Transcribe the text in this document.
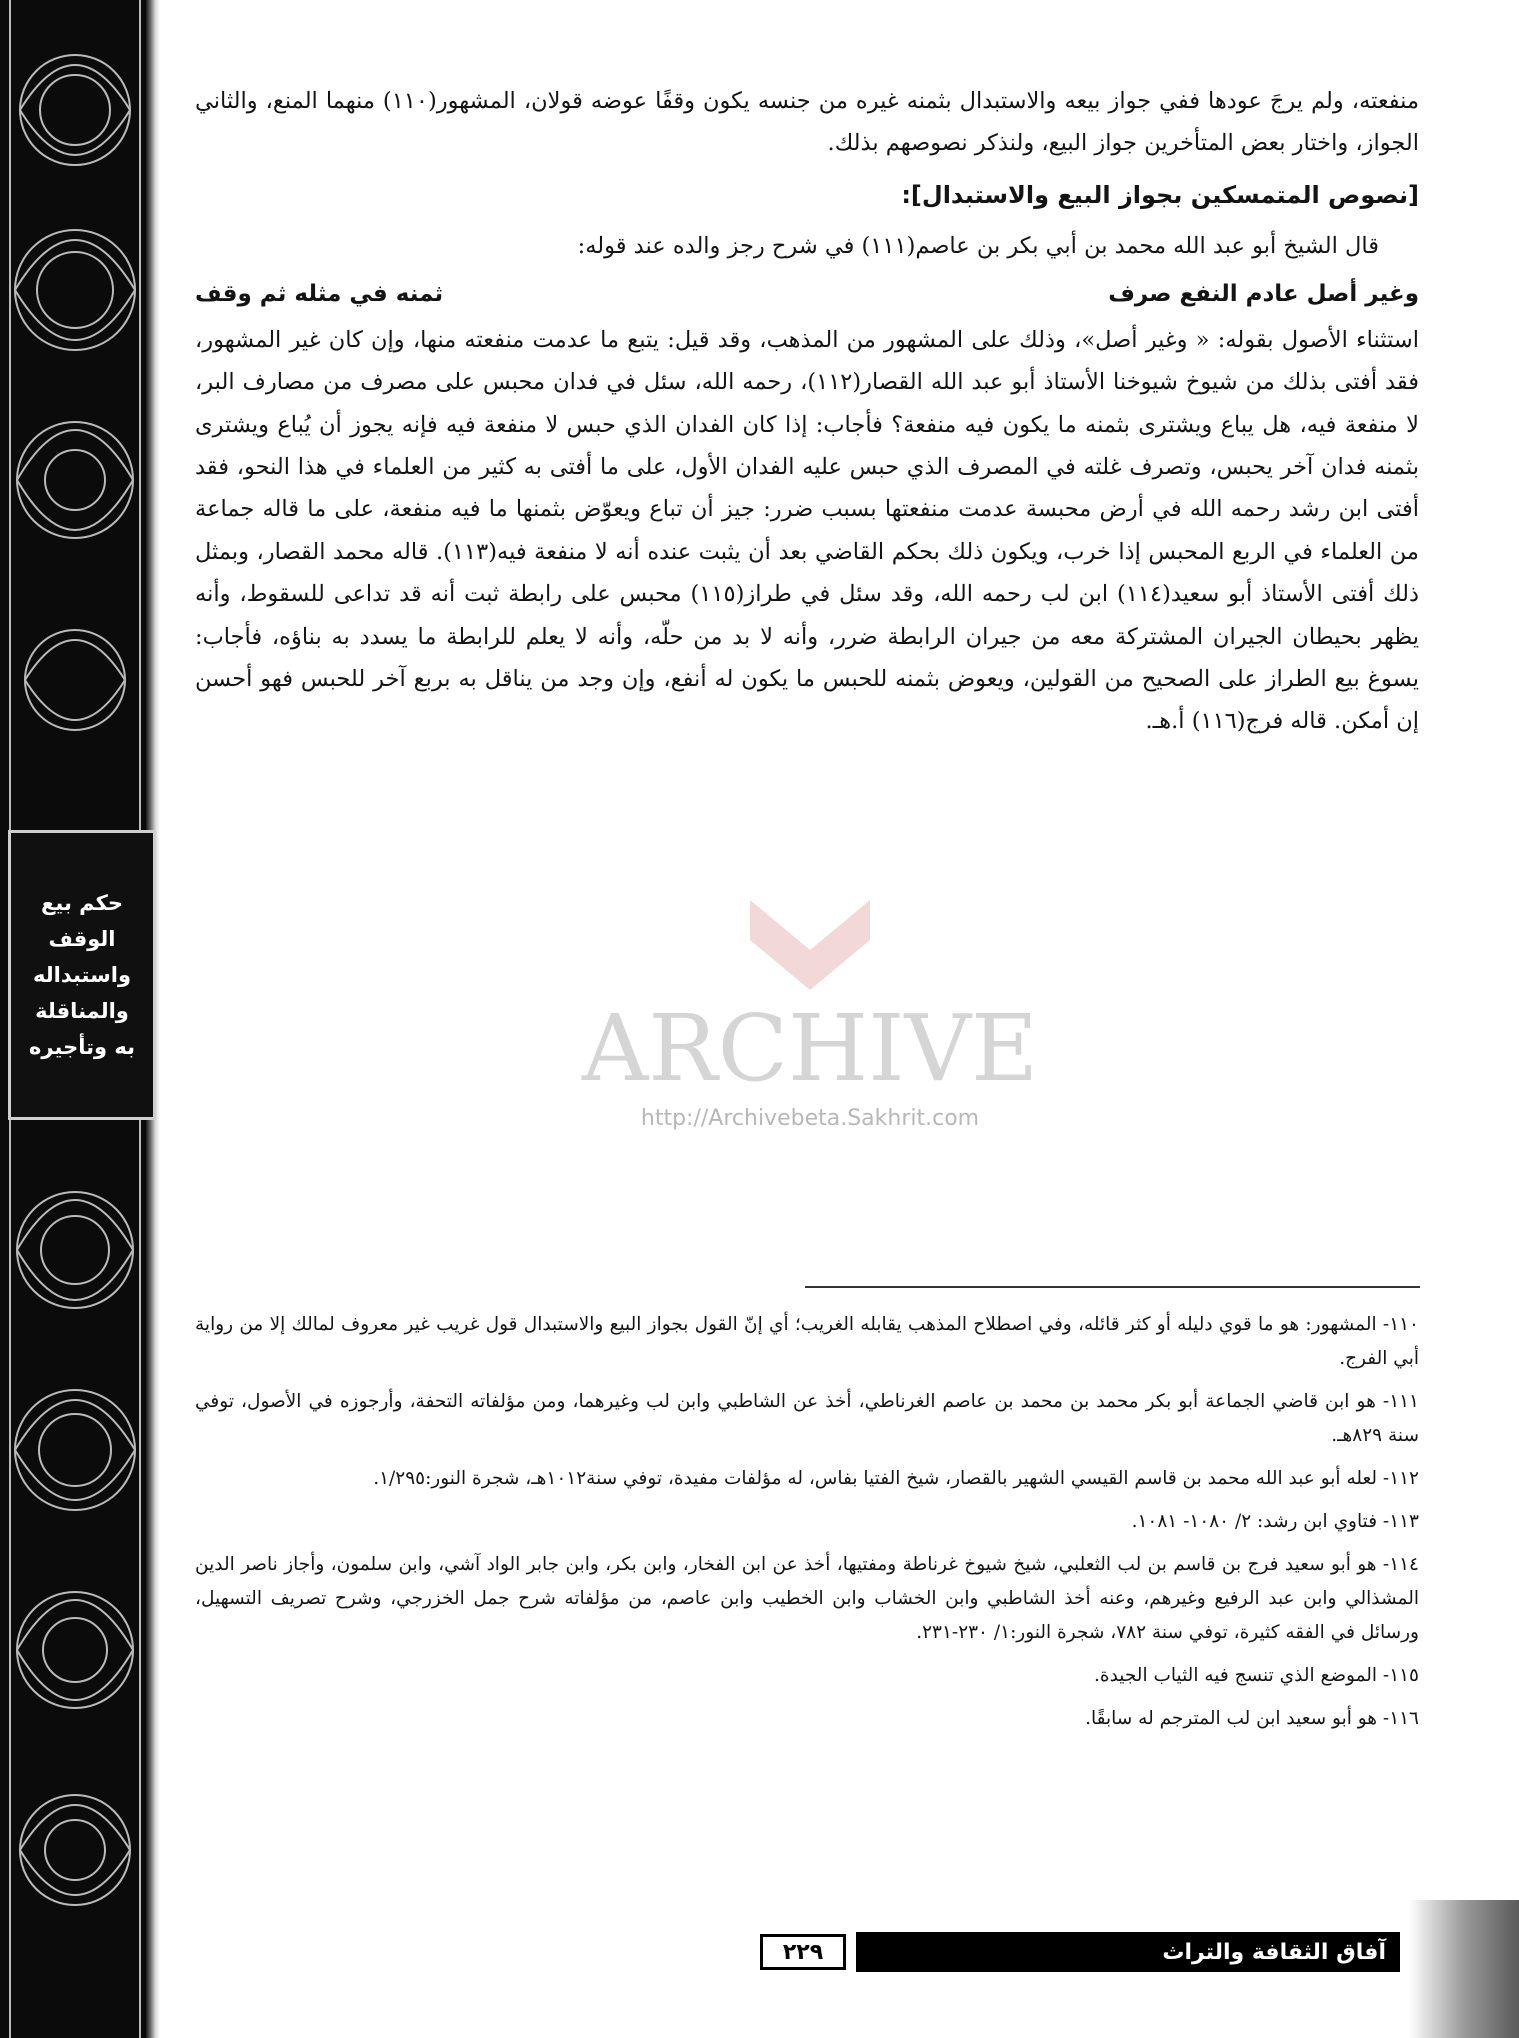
حكم بيع
الوقف
واستبداله
والمناقلة
به وتأجيره

منفعته، ولم يرجَ عودها ففي جواز بيعه والاستبدال بثمنه غيره من جنسه يكون وقفًا عوضه قولان، المشهور(١١٠) منهما المنع، والثاني الجواز، واختار بعض المتأخرين جواز البيع، ولنذكر نصوصهم بذلك.

[نصوص المتمسكين بجواز البيع والاستبدال]:

قال الشيخ أبو عبد الله محمد بن أبي بكر بن عاصم(١١١) في شرح رجز والده عند قوله:

وغير أصل عادم النفع صرف
ثمنه في مثله ثم وقف

استثناء الأصول بقوله: « وغير أصل»، وذلك على المشهور من المذهب، وقد قيل: يتبع ما عدمت منفعته منها، وإن كان غير المشهور، فقد أفتى بذلك من شيوخ شيوخنا الأستاذ أبو عبد الله القصار(١١٢)، رحمه الله، سئل في فدان محبس على مصرف من مصارف البر، لا منفعة فيه، هل يباع ويشترى بثمنه ما يكون فيه منفعة؟ فأجاب: إذا كان الفدان الذي حبس لا منفعة فيه فإنه يجوز أن يُباع ويشترى بثمنه فدان آخر يحبس، وتصرف غلته في المصرف الذي حبس عليه الفدان الأول، على ما أفتى به كثير من العلماء في هذا النحو، فقد أفتى ابن رشد رحمه الله في أرض محبسة عدمت منفعتها بسبب ضرر: جيز أن تباع ويعوّض بثمنها ما فيه منفعة، على ما قاله جماعة من العلماء في الربع المحبس إذا خرب، ويكون ذلك بحكم القاضي بعد أن يثبت عنده أنه لا منفعة فيه(١١٣). قاله محمد القصار، وبمثل ذلك أفتى الأستاذ أبو سعيد(١١٤) ابن لب رحمه الله، وقد سئل في طراز(١١٥) محبس على رابطة ثبت أنه قد تداعى للسقوط، وأنه يظهر بحيطان الجيران المشتركة معه من جيران الرابطة ضرر، وأنه لا بد من حلّه، وأنه لا يعلم للرابطة ما يسدد به بناؤه، فأجاب: يسوغ بيع الطراز على الصحيح من القولين، ويعوض بثمنه للحبس ما يكون له أنفع، وإن وجد من يناقل به بربع آخر للحبس فهو أحسن إن أمكن. قاله فرج(١١٦) أ.هـ.

ARCHIVE
http://Archivebeta.Sakhrit.com

١١٠- المشهور: هو ما قوي دليله أو كثر قائله، وفي اصطلاح المذهب يقابله الغريب؛ أي إنّ القول بجواز البيع والاستبدال قول غريب غير معروف لمالك إلا من رواية أبي الفرج.

١١١- هو ابن قاضي الجماعة أبو بكر محمد بن محمد بن عاصم الغرناطي، أخذ عن الشاطبي وابن لب وغيرهما، ومن مؤلفاته التحفة، وأرجوزه في الأصول، توفي سنة ٨٢٩هـ.

١١٢- لعله أبو عبد الله محمد بن قاسم القيسي الشهير بالقصار، شيخ الفتيا بفاس، له مؤلفات مفيدة، توفي سنة١٠١٢هـ، شجرة النور:١/٢٩٥.

١١٣- فتاوي ابن رشد: ٢/ ١٠٨٠- ١٠٨١.

١١٤- هو أبو سعيد فرج بن قاسم بن لب الثعلبي، شيخ شيوخ غرناطة ومفتيها، أخذ عن ابن الفخار، وابن بكر، وابن جابر الواد آشي، وابن سلمون، وأجاز ناصر الدين المشذالي وابن عبد الرفيع وغيرهم، وعنه أخذ الشاطبي وابن الخشاب وابن الخطيب وابن عاصم، من مؤلفاته شرح جمل الخزرجي، وشرح تصريف التسهيل، ورسائل في الفقه كثيرة، توفي سنة ٧٨٢، شجرة النور:١/ ٢٣٠-٢٣١.

١١٥- الموضع الذي تنسج فيه الثياب الجيدة.

١١٦- هو أبو سعيد ابن لب المترجم له سابقًا.

آفاق الثقافة والتراث
٢٢٩
